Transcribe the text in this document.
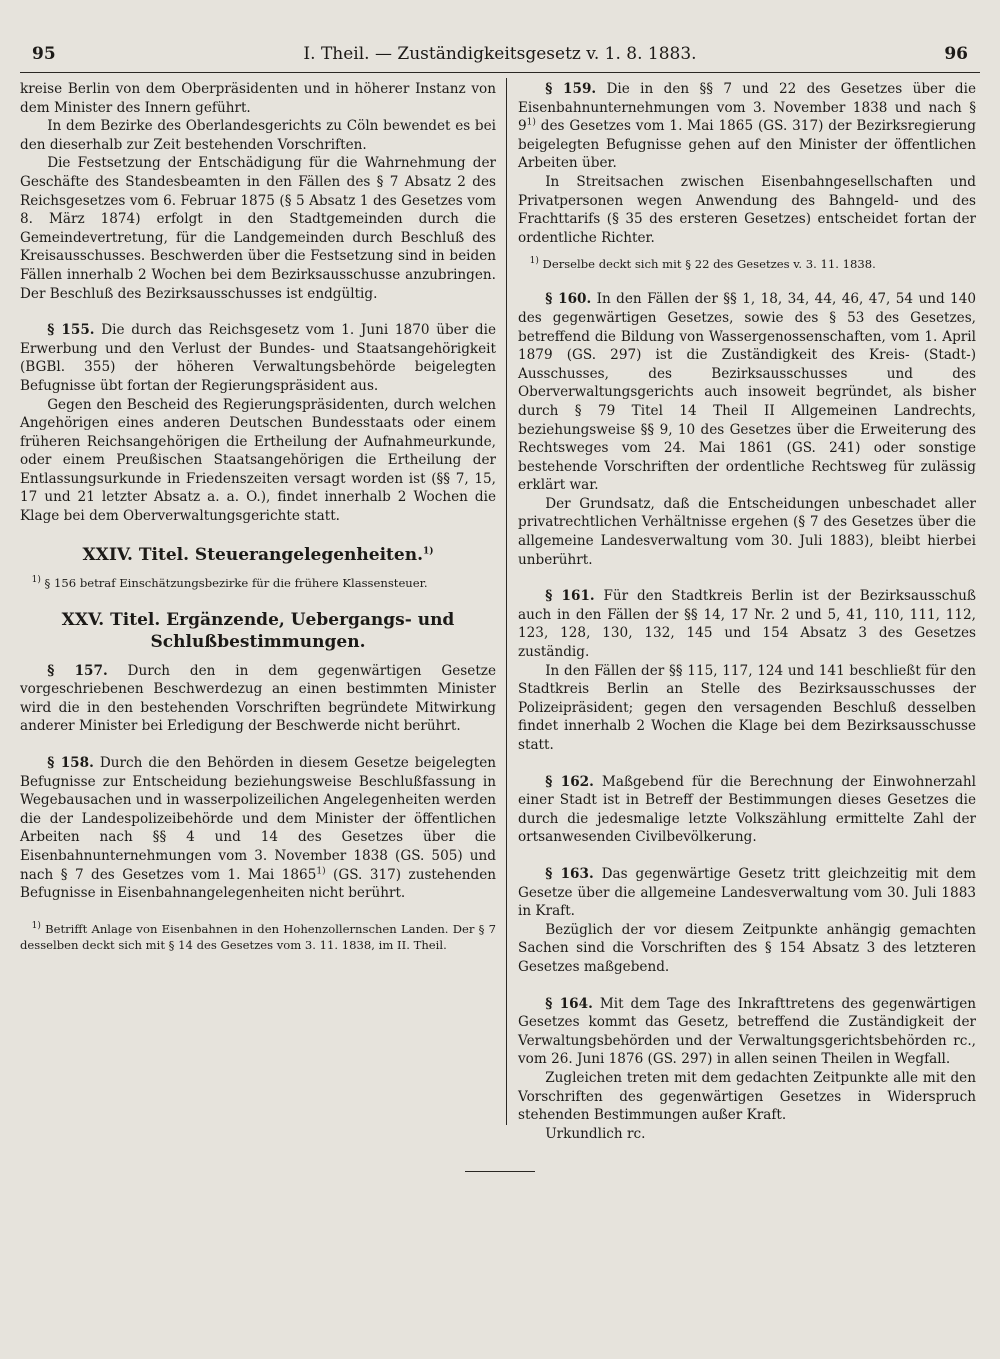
95	I. Theil. — Zuständigkeitsgesetz v. 1. 8. 1883.	96

kreise Berlin von dem Oberpräsidenten und in höherer Instanz von dem Minister des Innern geführt.

In dem Bezirke des Oberlandesgerichts zu Cöln bewendet es bei den dieserhalb zur Zeit bestehenden Vorschriften.

Die Festsetzung der Entschädigung für die Wahrnehmung der Geschäfte des Standesbeamten in den Fällen des § 7 Absatz 2 des Reichsgesetzes vom 6. Februar 1875 (§ 5 Absatz 1 des Gesetzes vom 8. März 1874) erfolgt in den Stadtgemeinden durch die Gemeindevertretung, für die Landgemeinden durch Beschluß des Kreisausschusses. Beschwerden über die Festsetzung sind in beiden Fällen innerhalb 2 Wochen bei dem Bezirksausschusse anzubringen. Der Beschluß des Bezirksausschusses ist endgültig.

§ 155. Die durch das Reichsgesetz vom 1. Juni 1870 über die Erwerbung und den Verlust der Bundes- und Staatsangehörigkeit (BGBl. 355) der höheren Verwaltungsbehörde beigelegten Befugnisse übt fortan der Regierungspräsident aus.

Gegen den Bescheid des Regierungspräsidenten, durch welchen Angehörigen eines anderen Deutschen Bundesstaats oder einem früheren Reichsangehörigen die Ertheilung der Aufnahmeurkunde, oder einem Preußischen Staatsangehörigen die Ertheilung der Entlassungsurkunde in Friedenszeiten versagt worden ist (§§ 7, 15, 17 und 21 letzter Absatz a. a. O.), findet innerhalb 2 Wochen die Klage bei dem Oberverwaltungsgerichte statt.

XXIV. Titel. Steuerangelegenheiten.$^{1)}$

$^{1)}$ § 156 betraf Einschätzungsbezirke für die frühere Klassensteuer.

XXV. Titel. Ergänzende, Uebergangs- und
Schlußbestimmungen.

§ 157. Durch den in dem gegenwärtigen Gesetze vorgeschriebenen Beschwerdezug an einen bestimmten Minister wird die in den bestehenden Vorschriften begründete Mitwirkung anderer Minister bei Erledigung der Beschwerde nicht berührt.

§ 158. Durch die den Behörden in diesem Gesetze beigelegten Befugnisse zur Entscheidung beziehungsweise Beschlußfassung in Wegebausachen und in wasserpolizeilichen Angelegenheiten werden die der Landespolizeibehörde und dem Minister der öffentlichen Arbeiten nach §§ 4 und 14 des Gesetzes über die Eisenbahnunternehmungen vom 3. November 1838 (GS. 505) und nach § 7 des Gesetzes vom 1. Mai 1865$^{1)}$ (GS. 317) zustehenden Befugnisse in Eisenbahnangelegenheiten nicht berührt.

$^{1)}$ Betrifft Anlage von Eisenbahnen in den Hohenzollernschen Landen. Der § 7 desselben deckt sich mit § 14 des Gesetzes vom 3. 11. 1838, im II. Theil.

§ 159. Die in den §§ 7 und 22 des Gesetzes über die Eisenbahnunternehmungen vom 3. November 1838 und nach § 9$^{1)}$ des Gesetzes vom 1. Mai 1865 (GS. 317) der Bezirksregierung beigelegten Befugnisse gehen auf den Minister der öffentlichen Arbeiten über.

In Streitsachen zwischen Eisenbahngesellschaften und Privatpersonen wegen Anwendung des Bahngeld- und des Frachttarifs (§ 35 des ersteren Gesetzes) entscheidet fortan der ordentliche Richter.

$^{1)}$ Derselbe deckt sich mit § 22 des Gesetzes v. 3. 11. 1838.

§ 160. In den Fällen der §§ 1, 18, 34, 44, 46, 47, 54 und 140 des gegenwärtigen Gesetzes, sowie des § 53 des Gesetzes, betreffend die Bildung von Wassergenossenschaften, vom 1. April 1879 (GS. 297) ist die Zuständigkeit des Kreis- (Stadt-) Ausschusses, des Bezirksausschusses und des Oberverwaltungsgerichts auch insoweit begründet, als bisher durch § 79 Titel 14 Theil II Allgemeinen Landrechts, beziehungsweise §§ 9, 10 des Gesetzes über die Erweiterung des Rechtsweges vom 24. Mai 1861 (GS. 241) oder sonstige bestehende Vorschriften der ordentliche Rechtsweg für zulässig erklärt war.

Der Grundsatz, daß die Entscheidungen unbeschadet aller privatrechtlichen Verhältnisse ergehen (§ 7 des Gesetzes über die allgemeine Landesverwaltung vom 30. Juli 1883), bleibt hierbei unberührt.

§ 161. Für den Stadtkreis Berlin ist der Bezirksausschuß auch in den Fällen der §§ 14, 17 Nr. 2 und 5, 41, 110, 111, 112, 123, 128, 130, 132, 145 und 154 Absatz 3 des Gesetzes zuständig.

In den Fällen der §§ 115, 117, 124 und 141 beschließt für den Stadtkreis Berlin an Stelle des Bezirksausschusses der Polizeipräsident; gegen den versagenden Beschluß desselben findet innerhalb 2 Wochen die Klage bei dem Bezirksausschusse statt.

§ 162. Maßgebend für die Berechnung der Einwohnerzahl einer Stadt ist in Betreff der Bestimmungen dieses Gesetzes die durch die jedesmalige letzte Volkszählung ermittelte Zahl der ortsanwesenden Civilbevölkerung.

§ 163. Das gegenwärtige Gesetz tritt gleichzeitig mit dem Gesetze über die allgemeine Landesverwaltung vom 30. Juli 1883 in Kraft.

Bezüglich der vor diesem Zeitpunkte anhängig gemachten Sachen sind die Vorschriften des § 154 Absatz 3 des letzteren Gesetzes maßgebend.

§ 164. Mit dem Tage des Inkrafttretens des gegenwärtigen Gesetzes kommt das Gesetz, betreffend die Zuständigkeit der Verwaltungsbehörden und der Verwaltungsgerichtsbehörden rc., vom 26. Juni 1876 (GS. 297) in allen seinen Theilen in Wegfall.

Zugleichen treten mit dem gedachten Zeitpunkte alle mit den Vorschriften des gegenwärtigen Gesetzes in Widerspruch stehenden Bestimmungen außer Kraft.

Urkundlich rc.
